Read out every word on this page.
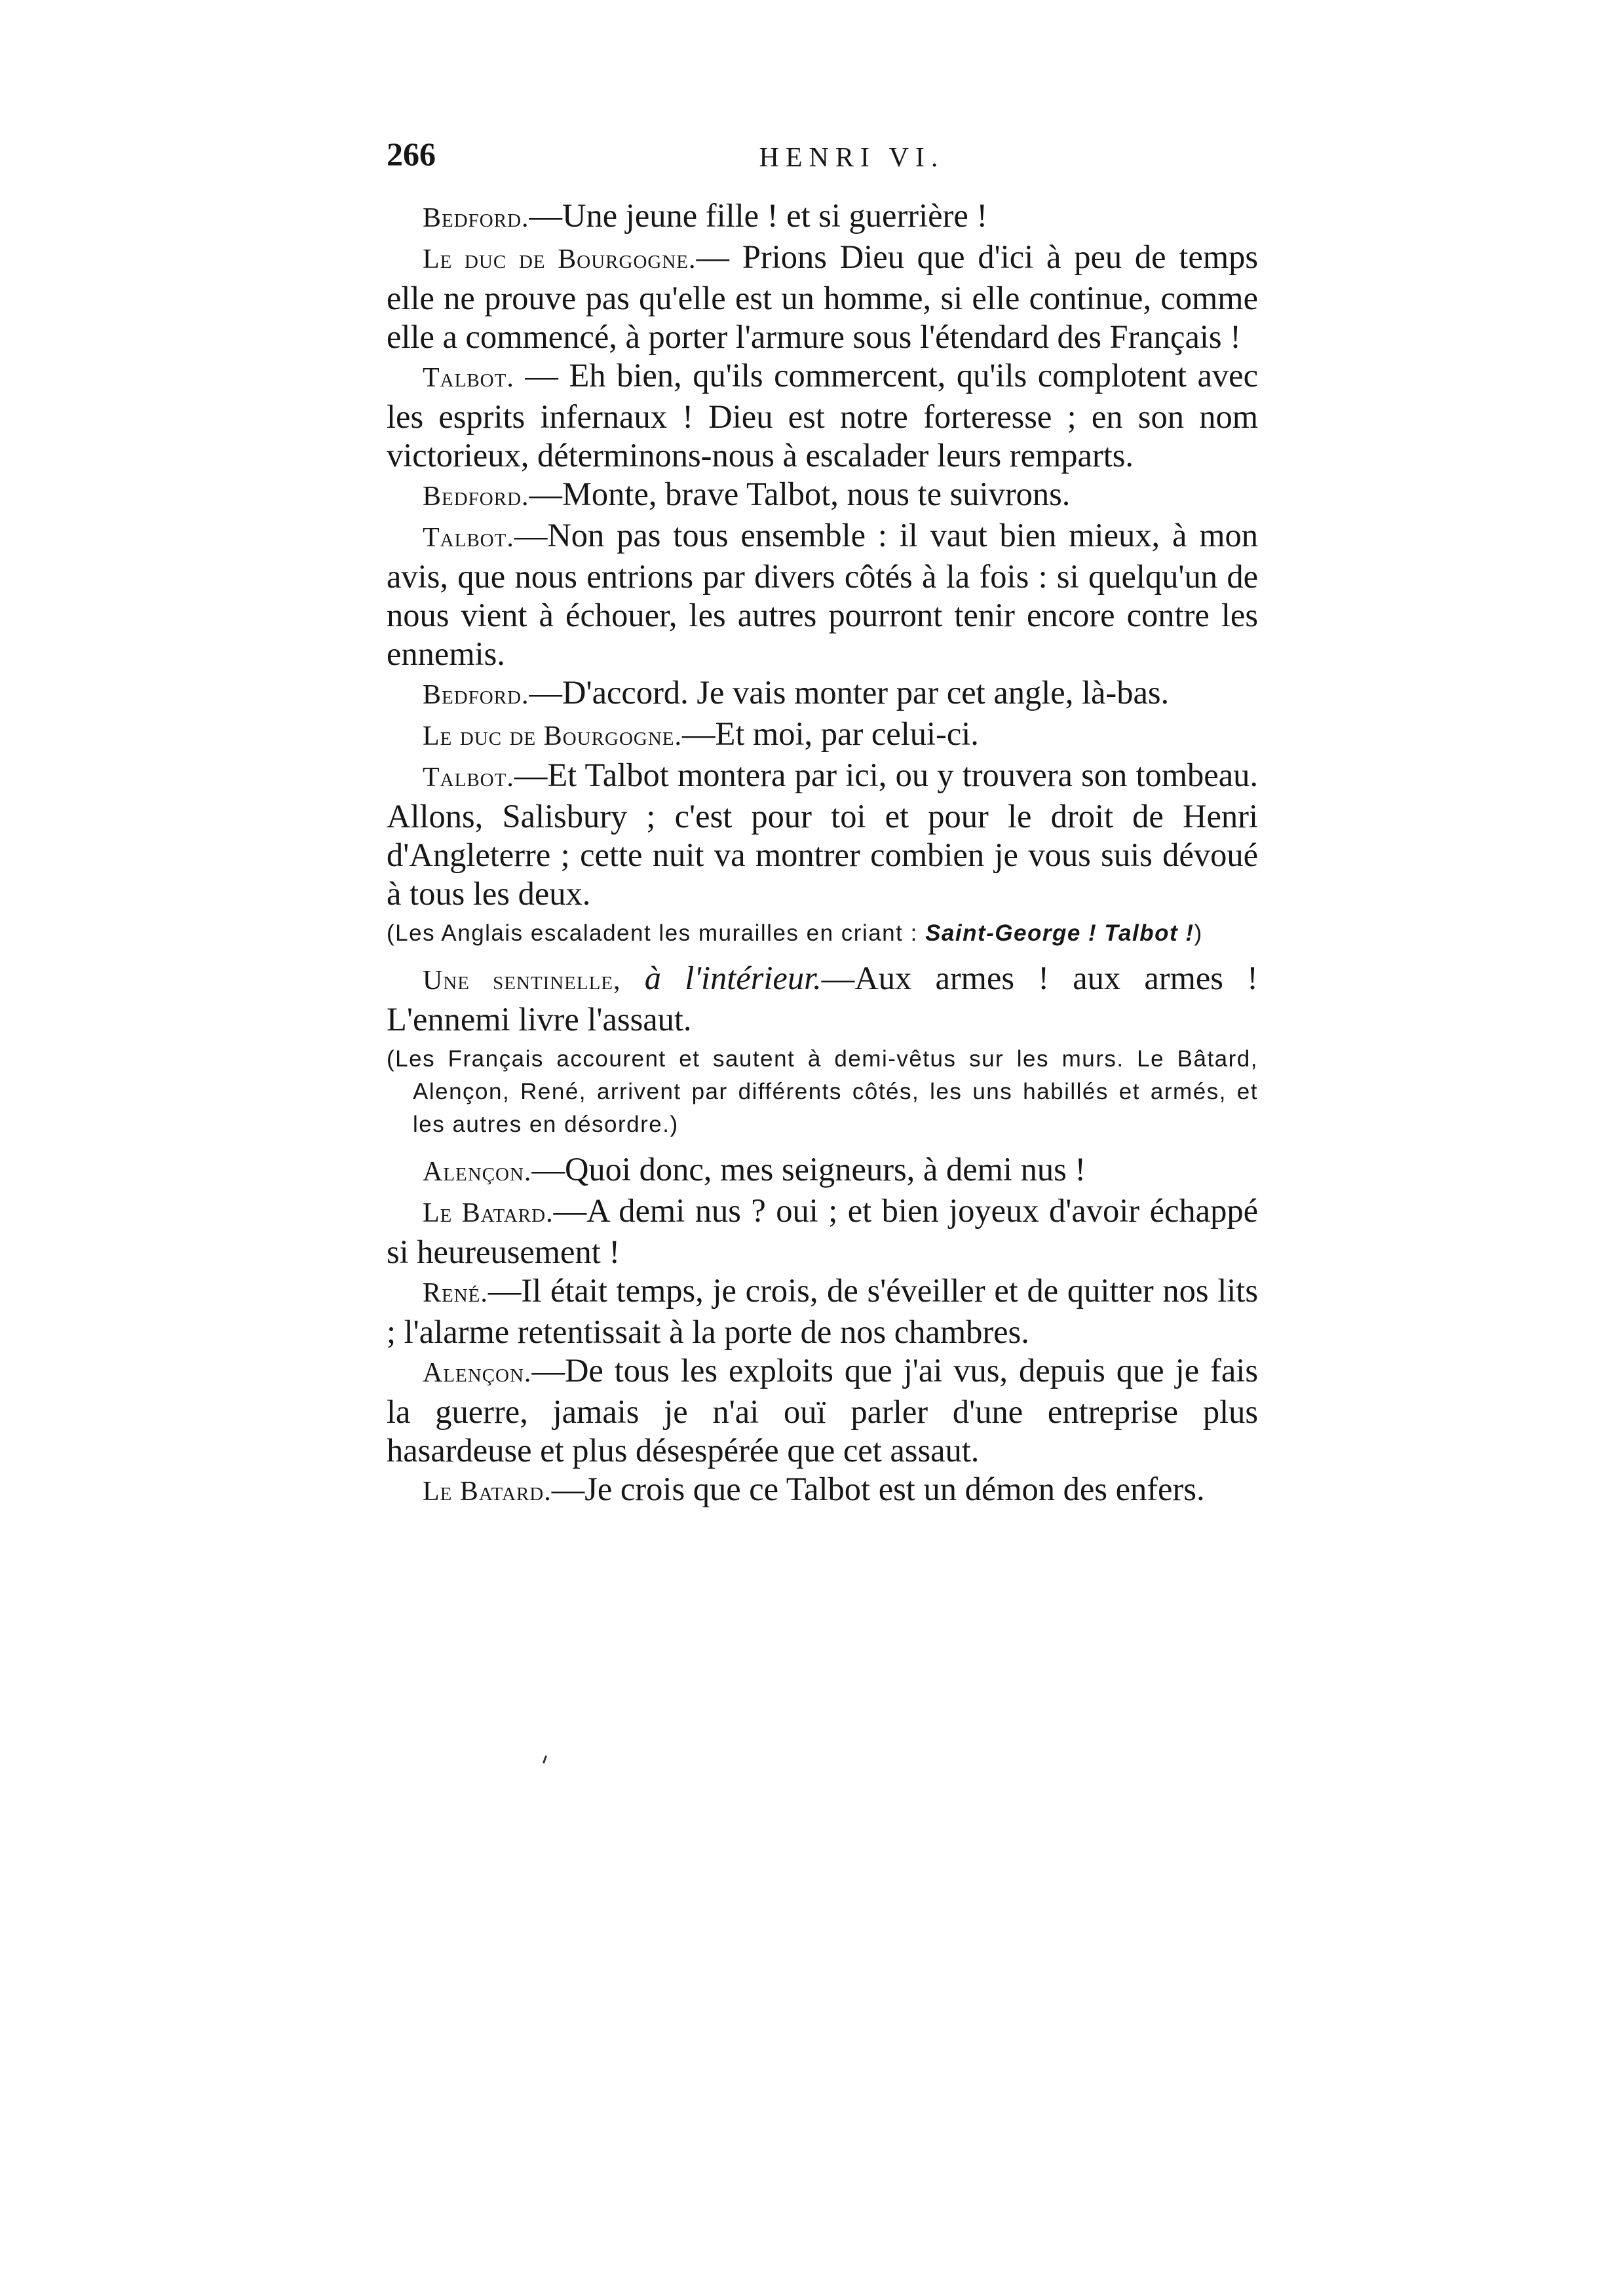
266	HENRI VI.

Bedford.—Une jeune fille ! et si guerrière !

Le duc de Bourgogne.— Prions Dieu que d'ici à peu de temps elle ne prouve pas qu'elle est un homme, si elle continue, comme elle a commencé, à porter l'armure sous l'étendard des Français !

Talbot. — Eh bien, qu'ils commercent, qu'ils complotent avec les esprits infernaux ! Dieu est notre forteresse ; en son nom victorieux, déterminons-nous à escalader leurs remparts.

Bedford.—Monte, brave Talbot, nous te suivrons.

Talbot.—Non pas tous ensemble : il vaut bien mieux, à mon avis, que nous entrions par divers côtés à la fois : si quelqu'un de nous vient à échouer, les autres pourront tenir encore contre les ennemis.

Bedford.—D'accord. Je vais monter par cet angle, là-bas.

Le duc de Bourgogne.—Et moi, par celui-ci.

Talbot.—Et Talbot montera par ici, ou y trouvera son tombeau. Allons, Salisbury ; c'est pour toi et pour le droit de Henri d'Angleterre ; cette nuit va montrer combien je vous suis dévoué à tous les deux.

(Les Anglais escaladent les murailles en criant : Saint-George ! Talbot !)

Une sentinelle, à l'intérieur.—Aux armes ! aux armes ! L'ennemi livre l'assaut.

(Les Français accourent et sautent à demi-vêtus sur les murs. Le Bâtard, Alençon, René, arrivent par différents côtés, les uns habillés et armés, et les autres en désordre.)

Alençon.—Quoi donc, mes seigneurs, à demi nus !

Le Batard.—A demi nus ? oui ; et bien joyeux d'avoir échappé si heureusement !

René.—Il était temps, je crois, de s'éveiller et de quitter nos lits ; l'alarme retentissait à la porte de nos chambres.

Alençon.—De tous les exploits que j'ai vus, depuis que je fais la guerre, jamais je n'ai ouï parler d'une entreprise plus hasardeuse et plus désespérée que cet assaut.

Le Batard.—Je crois que ce Talbot est un démon des enfers.
